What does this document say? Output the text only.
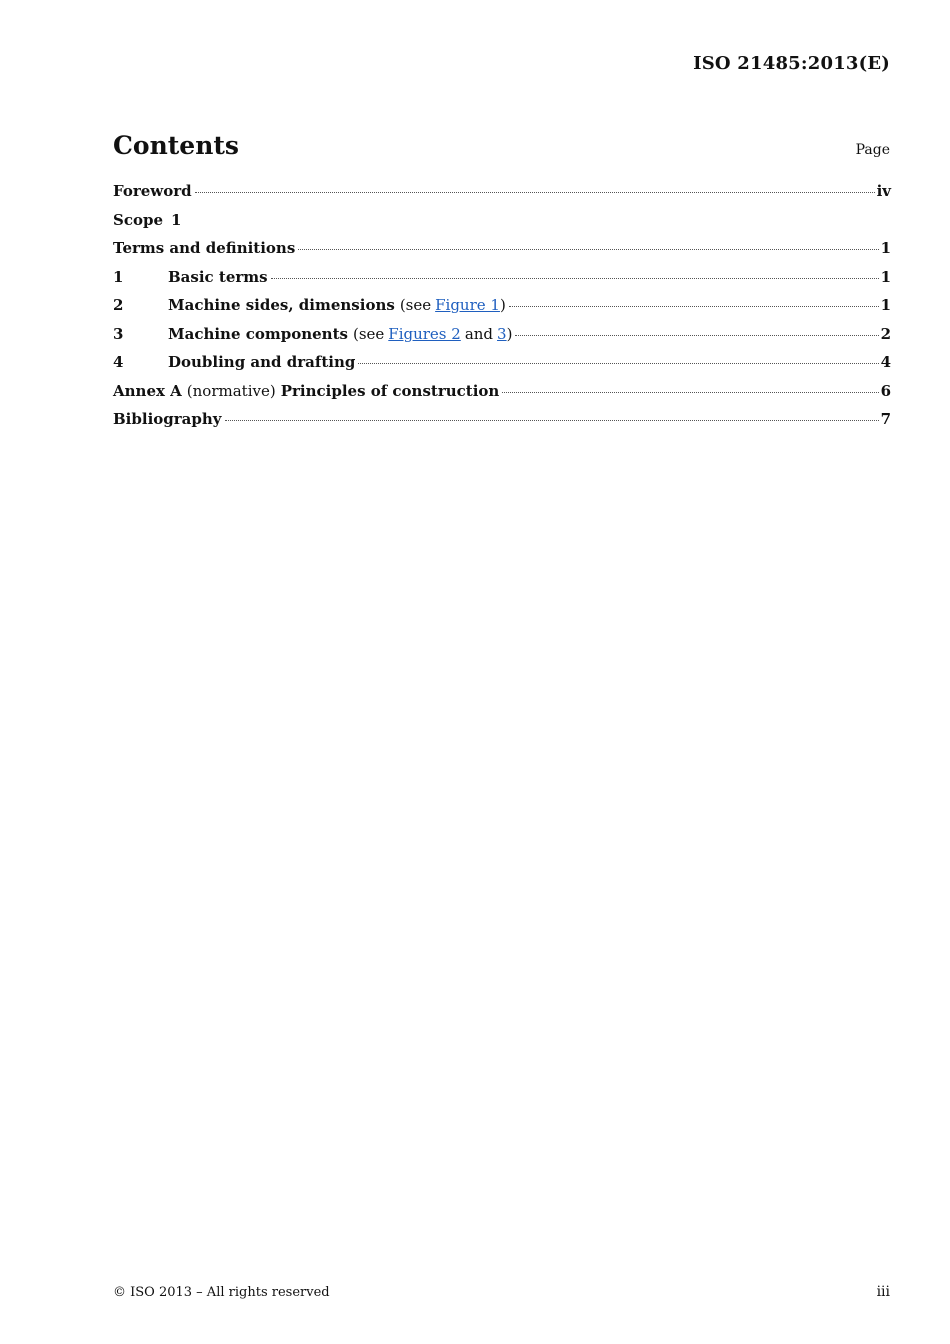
ISO 21485:2013(E)
Contents	Page
Foreword	iv
Scope 1
Terms and definitions	1
1	Basic terms	1
2	Machine sides, dimensions (see Figure 1 )	1
3	Machine components (see Figures 2 and 3 )	2
4	Doubling and drafting	4
Annex A (normative) Principles of construction	6
Bibliography	7
© ISO 2013 – All rights reserved	iii
